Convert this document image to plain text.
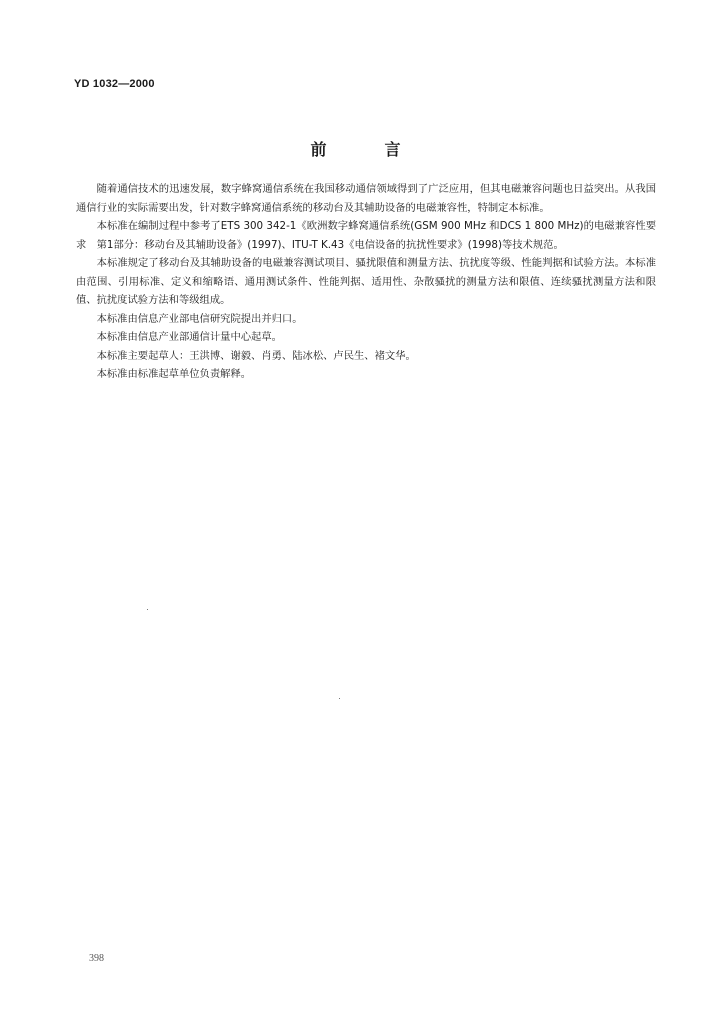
YD 1032—2000
前	言

随着通信技术的迅速发展，数字蜂窝通信系统在我国移动通信领域得到了广泛应用，但其电磁兼容问题也日益突出。从我国通信行业的实际需要出发，针对数字蜂窝通信系统的移动台及其辅助设备的电磁兼容性，特制定本标准。

本标准在编制过程中参考了ETS 300 342-1《欧洲数字蜂窝通信系统(GSM 900 MHz 和DCS 1 800 MHz)的电磁兼容性要求　第1部分：移动台及其辅助设备》(1997)、ITU-T K.43《电信设备的抗扰性要求》(1998)等技术规范。

本标准规定了移动台及其辅助设备的电磁兼容测试项目、骚扰限值和测量方法、抗扰度等级、性能判据和试验方法。本标准由范围、引用标准、定义和缩略语、通用测试条件、性能判据、适用性、杂散骚扰的测量方法和限值、连续骚扰测量方法和限值、抗扰度试验方法和等级组成。

本标准由信息产业部电信研究院提出并归口。

本标准由信息产业部通信计量中心起草。

本标准主要起草人：王洪博、谢毅、肖勇、陆冰松、卢民生、褚文华。

本标准由标准起草单位负责解释。

398
